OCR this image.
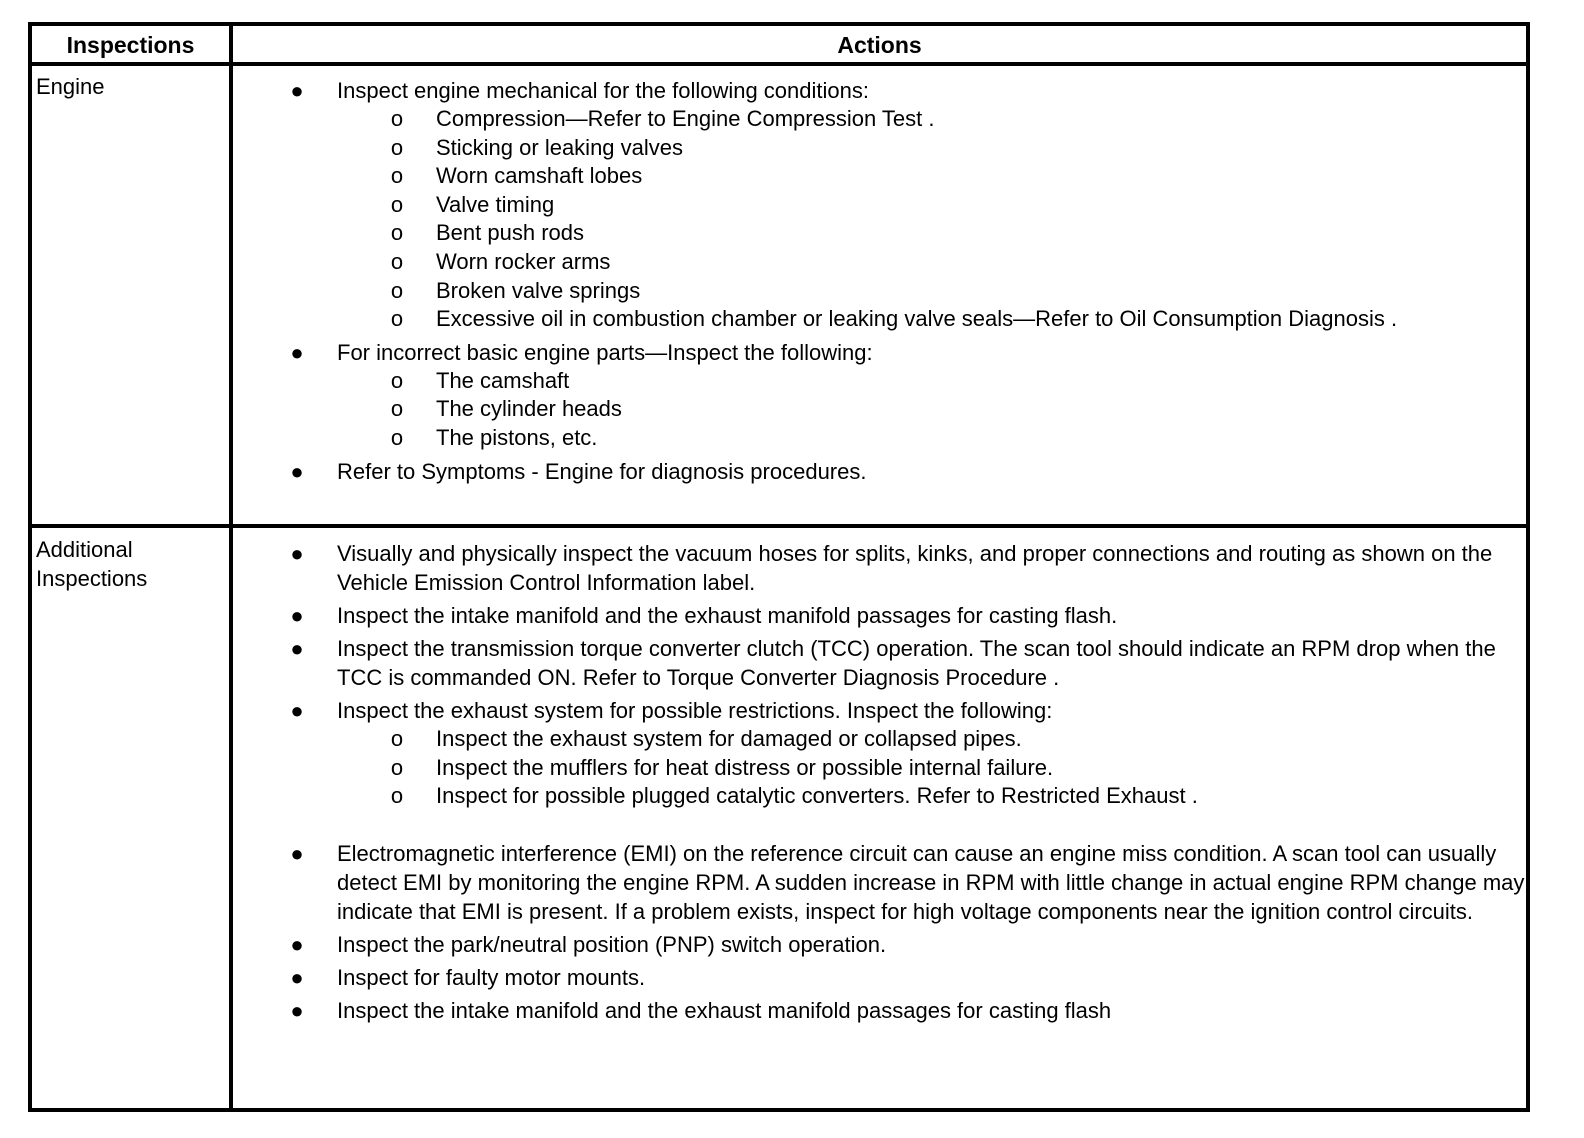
Inspections	Actions
Engine	● Inspect engine mechanical for the following conditions:
o Compression—Refer to Engine Compression Test .
o Sticking or leaking valves
o Worn camshaft lobes
o Valve timing
o Bent push rods
o Worn rocker arms
o Broken valve springs
o Excessive oil in combustion chamber or leaking valve seals—Refer to Oil Consumption Diagnosis .
● For incorrect basic engine parts—Inspect the following:
o The camshaft
o The cylinder heads
o The pistons, etc.
● Refer to Symptoms - Engine for diagnosis procedures.
Additional
Inspections
● Visually and physically inspect the vacuum hoses for splits, kinks, and proper connections and routing as shown on the Vehicle Emission Control Information label.
● Inspect the intake manifold and the exhaust manifold passages for casting flash.
● Inspect the transmission torque converter clutch (TCC) operation. The scan tool should indicate an RPM drop when the TCC is commanded ON. Refer to Torque Converter Diagnosis Procedure .
● Inspect the exhaust system for possible restrictions. Inspect the following:
o Inspect the exhaust system for damaged or collapsed pipes.
o Inspect the mufflers for heat distress or possible internal failure.
o Inspect for possible plugged catalytic converters. Refer to Restricted Exhaust .
● Electromagnetic interference (EMI) on the reference circuit can cause an engine miss condition. A scan tool can usually detect EMI by monitoring the engine RPM. A sudden increase in RPM with little change in actual engine RPM change may indicate that EMI is present. If a problem exists, inspect for high voltage components near the ignition control circuits.
● Inspect the park/neutral position (PNP) switch operation.
● Inspect for faulty motor mounts.
● Inspect the intake manifold and the exhaust manifold passages for casting flash
